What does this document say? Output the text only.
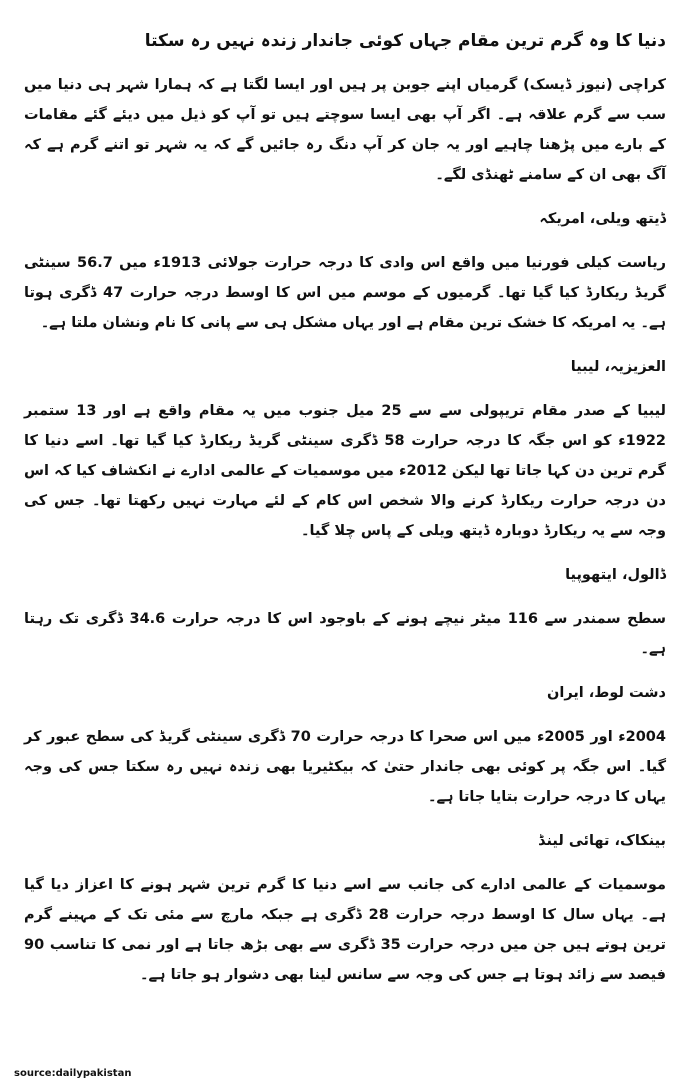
دنیا کا وہ گرم ترین مقام جہاں کوئی جاندار زندہ نہیں رہ سکتا

کراچی (نیوز ڈیسک) گرمیاں اپنے جوبن پر ہیں اور ایسا لگتا ہے کہ ہمارا شہر ہی دنیا میں سب سے گرم علاقہ ہے۔ اگر آپ بھی ایسا سوچتے ہیں تو آپ کو ذیل میں دیئے گئے مقامات کے بارے میں پڑھنا چاہیے اور یہ جان کر آپ دنگ رہ جائیں گے کہ یہ شہر تو اتنے گرم ہے کہ آگ بھی ان کے سامنے ٹھنڈی لگے۔

ڈیتھ ویلی، امریکہ

ریاست کیلی فورنیا میں واقع اس وادی کا درجہ حرارت جولائی 1913ء میں 56.7 سینٹی گریڈ ریکارڈ کیا گیا تھا۔ گرمیوں کے موسم میں اس کا اوسط درجہ حرارت 47 ڈگری ہوتا ہے۔ یہ امریکہ کا خشک ترین مقام ہے اور یہاں مشکل ہی سے پانی کا نام ونشان ملتا ہے۔

العزیزیہ، لیبیا

لیبیا کے صدر مقام تریپولی سے سے 25 میل جنوب میں یہ مقام واقع ہے اور 13 ستمبر 1922ء کو اس جگہ کا درجہ حرارت 58 ڈگری سینٹی گریڈ ریکارڈ کیا گیا تھا۔ اسے دنیا کا گرم ترین دن کہا جاتا تھا لیکن 2012ء میں موسمیات کے عالمی ادارے نے انکشاف کیا کہ اس دن درجہ حرارت ریکارڈ کرنے والا شخص اس کام کے لئے مہارت نہیں رکھتا تھا۔ جس کی وجہ سے یہ ریکارڈ دوبارہ ڈیتھ ویلی کے پاس چلا گیا۔

ڈالول، ایتھوپیا

سطح سمندر سے 116 میٹر نیچے ہونے کے باوجود اس کا درجہ حرارت 34.6 ڈگری تک رہتا ہے۔

دشت لوط، ایران

2004ء اور 2005ء میں اس صحرا کا درجہ حرارت 70 ڈگری سینٹی گریڈ کی سطح عبور کر گیا۔ اس جگہ پر کوئی بھی جاندار حتیٰ کہ بیکٹیریا بھی زندہ نہیں رہ سکتا جس کی وجہ یہاں کا درجہ حرارت بتایا جاتا ہے۔

بینکاک، تھائی لینڈ

موسمیات کے عالمی ادارے کی جانب سے اسے دنیا کا گرم ترین شہر ہونے کا اعزاز دیا گیا ہے۔ یہاں سال کا اوسط درجہ حرارت 28 ڈگری ہے جبکہ مارچ سے مئی تک کے مہینے گرم ترین ہوتے ہیں جن میں درجہ حرارت 35 ڈگری سے بھی بڑھ جاتا ہے اور نمی کا تناسب 90 فیصد سے زائد ہوتا ہے جس کی وجہ سے سانس لینا بھی دشوار ہو جاتا ہے۔

source:dailypakistan
